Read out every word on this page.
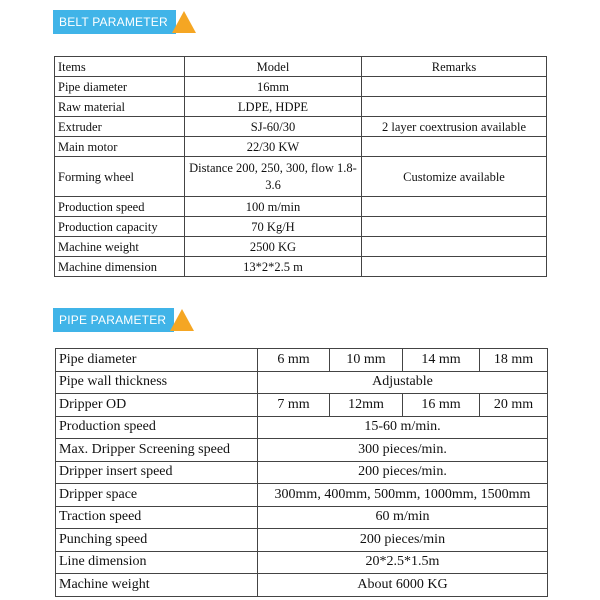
BELT PARAMETER
Items	Model	Remarks
Pipe diameter	16mm	
Raw material	LDPE, HDPE	
Extruder	SJ-60/30	2 layer coextrusion available
Main motor	22/30 KW	
Forming wheel	Distance 200, 250, 300, flow 1.8-3.6	Customize available
Production speed	100 m/min	
Production capacity	70 Kg/H	
Machine weight	2500 KG	
Machine dimension	13*2*2.5 m	
PIPE PARAMETER
Pipe diameter	6 mm	10 mm	14 mm	18 mm
Pipe wall thickness	Adjustable			
Dripper OD	7 mm	12mm	16 mm	20 mm
Production speed	15-60 m/min.			
Max. Dripper Screening speed	300 pieces/min.			
Dripper insert speed	200 pieces/min.			
Dripper space	300mm, 400mm, 500mm, 1000mm, 1500mm			
Traction speed	60 m/min			
Punching speed	200 pieces/min			
Line dimension	20*2.5*1.5m			
Machine weight	About 6000 KG			
